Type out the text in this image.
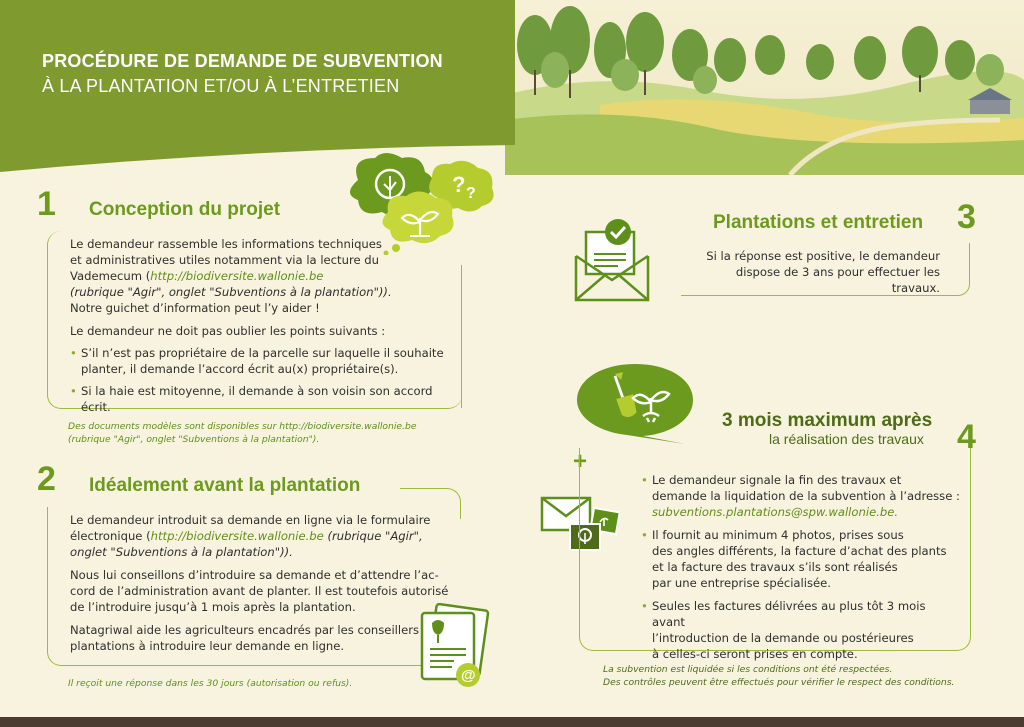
PROCÉDURE DE DEMANDE DE SUBVENTION
À LA PLANTATION ET/OU À L’ENTRETIEN
1 Conception du projet
? ?

Le demandeur rassemble les informations techniques

et administratives utiles notamment via la lecture du

Vademecum (http://biodiversite.wallonie.be

(rubrique "Agir", onglet "Subventions à la plantation")).

Notre guichet d’information peut l’y aider !

Le demandeur ne doit pas oublier les points suivants :

• S’il n’est pas propriétaire de la parcelle sur laquelle il souhaite
planter, il demande l’accord écrit au(x) propriétaire(s).
• Si la haie est mitoyenne, il demande à son voisin son accord écrit.
Des documents modèles sont disponibles sur http://biodiversite.wallonie.be
(rubrique "Agir", onglet "Subventions à la plantation").
2 Idéalement avant la plantation

Le demandeur introduit sa demande en ligne via le formulaire

électronique (http://biodiversite.wallonie.be (rubrique "Agir",

onglet "Subventions à la plantation")).

Nous lui conseillons d’introduire sa demande et d’attendre l’ac-

cord de l’administration avant de planter. Il est toutefois autorisé

de l’introduire jusqu’à 1 mois après la plantation.

Natagriwal aide les agriculteurs encadrés par les conseillers

plantations à introduire leur demande en ligne.

@
Il reçoit une réponse dans les 30 jours (autorisation ou refus).
Plantations et entretien 3

Si la réponse est positive, le demandeur

dispose de 3 ans pour effectuer les travaux.

3 mois maximum après
la réalisation des travaux 4
+
• Le demandeur signale la fin des travaux et
demande la liquidation de la subvention à l’adresse :
subventions.plantations@spw.wallonie.be.
• Il fournit au minimum 4 photos, prises sous
des angles différents, la facture d’achat des plants
et la facture des travaux s’ils sont réalisés
par une entreprise spécialisée.
• Seules les factures délivrées au plus tôt 3 mois avant
l’introduction de la demande ou postérieures
à celles-ci seront prises en compte.
La subvention est liquidée si les conditions ont été respectées.
Des contrôles peuvent être effectués pour vérifier le respect des conditions.
